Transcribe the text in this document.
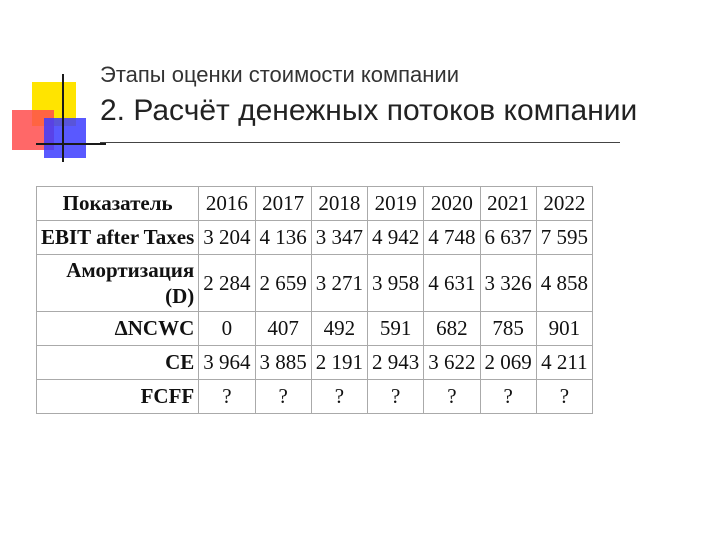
Этапы оценки стоимости компании
2. Расчёт денежных потоков компании
Показатель	2016	2017	2018	2019	2020	2021	2022
EBIT after Taxes	3 204	4 136	3 347	4 942	4 748	6 637	7 595
Амортизация
(D)	2 284	2 659	3 271	3 958	4 631	3 326	4 858
ΔNCWC	0	407	492	591	682	785	901
CE	3 964	3 885	2 191	2 943	3 622	2 069	4 211
FCFF	?	?	?	?	?	?	?
